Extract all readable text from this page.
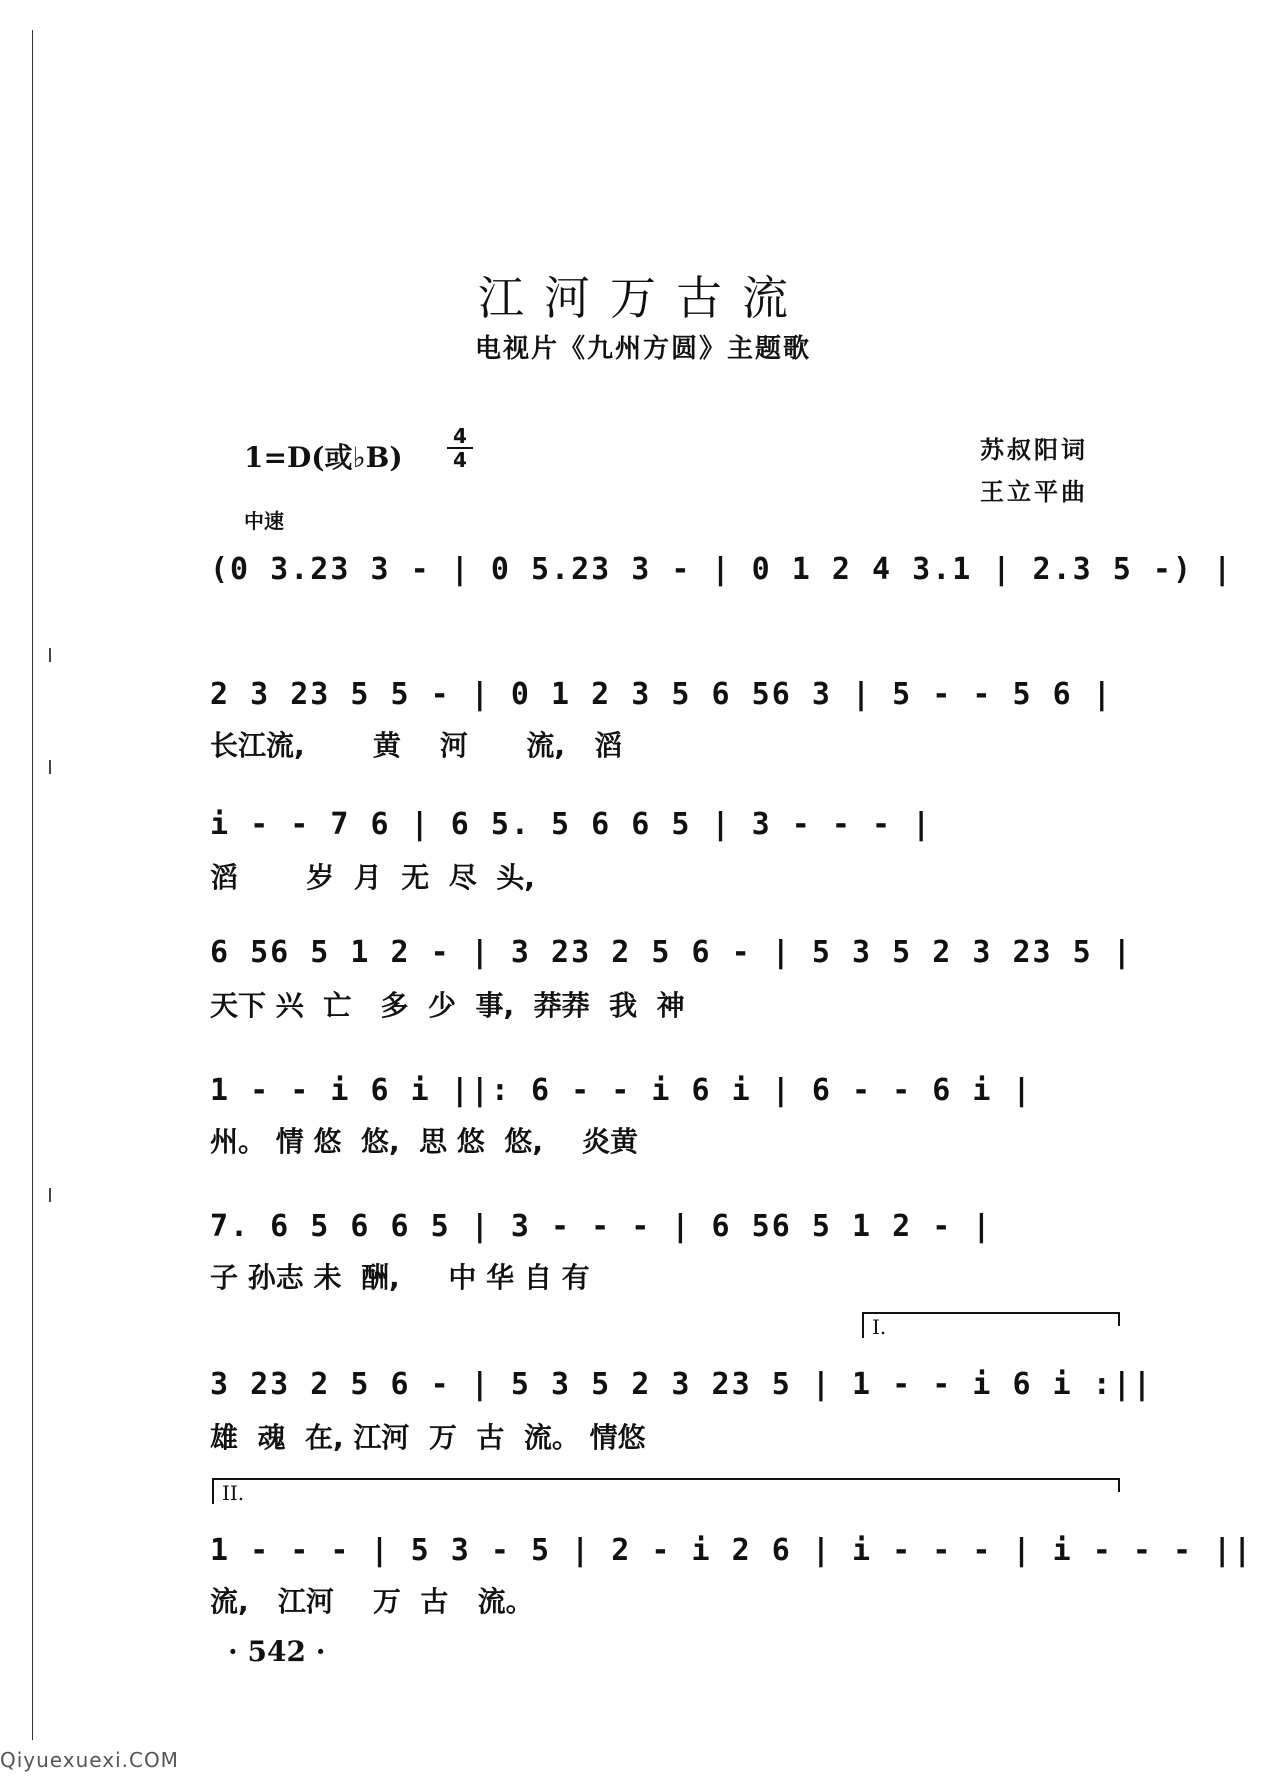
江河万古流
电视片《九州方圆》主题歌
1=D(或♭B)
4
4	苏叔阳词
王立平曲
中速
(0 3.23 3 - | 0 5.23 3 - | 0 1 2 4 3.1 | 2.3 5 -) |
2 3 23 5 5 - | 0 1 2 3 5 6 56 3 | 5 - - 5 6 |
长江流,       黄    河      流,   滔
i - - 7 6 | 6 5. 5 6 6 5 | 3 - - - |
滔       岁  月  无  尽  头,
6 56 5 1 2 - | 3 23 2 5 6 - | 5 3 5 2 3 23 5 |
天下 兴  亡   多  少  事,  莽莽  我  神
1 - - i 6 i ||: 6 - - i 6 i | 6 - - 6 i |
州。 情 悠  悠,  思 悠  悠,    炎黄
7. 6 5 6 6 5 | 3 - - - | 6 56 5 1 2 - |
子 孙志 未  酬,     中 华 自 有
I.
3 23 2 5 6 - | 5 3 5 2 3 23 5 | 1 - - i 6 i :||
雄  魂  在, 江河  万  古  流。 情悠
II.
1 - - - | 5 3 - 5 | 2 - i 2 6 | i - - - | i - - - ||
流,   江河    万  古   流。
· 542 ·
Qiyuexuexi.COM
